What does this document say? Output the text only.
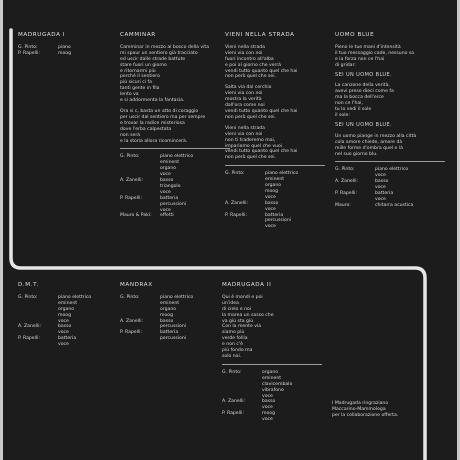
MADRUGADA I
G. Pinto:	piano
P. Rapelli:	moog
CAMMINAR
Camminar in mezzo al bosco della vita
mi spaur un sentiero già tracciato
ed uscir dalle strade battute
stare fuori un giorno
e ritornarmi più
perché il sentiero
più sicuri ci fa
tanti gente in fila
lento va
e si addormenta la fantasia.
Ora si c, basta un atto di coraggio
per uscir dal sentiero ma per sempre
e trovar la radice misteriosa
dove l'erba calpestata
non serà
e la storia allora ricomincerà.
G. Pinto:	piano elettrico
eminent
organo
voce
A. Zanelli:	basso
triangolo
voce
P. Rapelli:	batteria
percussioni
voce
Mauro & Paki:	effetti
VIENI NELLA STRADA
Vieni nella strada
vieni via con noi
fuori incontro all'alba
e poi al giorno che verrà
vendi tutto quanto quel che hai
non però quel che sei.
Salta via dal cerchio
vieni via con noi
mostra la verità
dall'ora come noi
vendi tutto quanto quel che hai
non però quel che sei.
Vieni nella strada
vieni via con noi
non ti traderemo mai,
impariamo quel che vuoi
vendi tutto quanto quel che hai
non però quel che sei.
G. Pinto:	piano elettrico
eminent
organo
moog
voce
A. Zanelli:	basso
voce
P. Rapelli:	batteria
percussioni
voce
UOMO BLUE
Pieno le tue mani d'intensità
il tuo messaggio cade, nessuno sa
e la forza non ce l'hai
di gridar:
SEI UN UOMO BLUE.
La canzone della verità,
avevi preso dieci come fa
ma la bocca dell'erce
non ce l'hai,
tu lo vedi il sole
il sole:
SEI UN UOMO BLUE.
Un uomo piange in mezzo alla città
cola amore chiede, amore dà
mille forme d'ombra quel e là
nel suo giorno blu.
G. Pinto:	piano elettrico
voce
A. Zanelli:	basso
voce
P. Rapelli:	batteria
voce
Mauro:	chitarra acustica
D.M.T.
G. Pinto:	piano elettrico
eminent
organo
moog
voce
A. Zanelli:	basso
voce
P. Rapelli:	batteria
voce
MANDRAX
G. Pinto:	piano elettrico
eminent
organo
moog
A. Zanelli:	basso
percussioni
P. Rapelli:	batteria
percussioni
MADRUGADA II
Qui è mondi e poi
un'idea
di cielo e noi
la marea un sasso che
va giù sta giù
Con la mente via
siamo più
verde follia
e non c'è
più fondo ma
solo noi.
G. Pinto:	organo
eminent
clavicembalo
vibrafono
voce
A. Zanelli:	basso
voce
P. Rapelli:	moog
voce
I Madrugada ringraziano
Maccarino-Mammolega
per la collaborazione offerta.
